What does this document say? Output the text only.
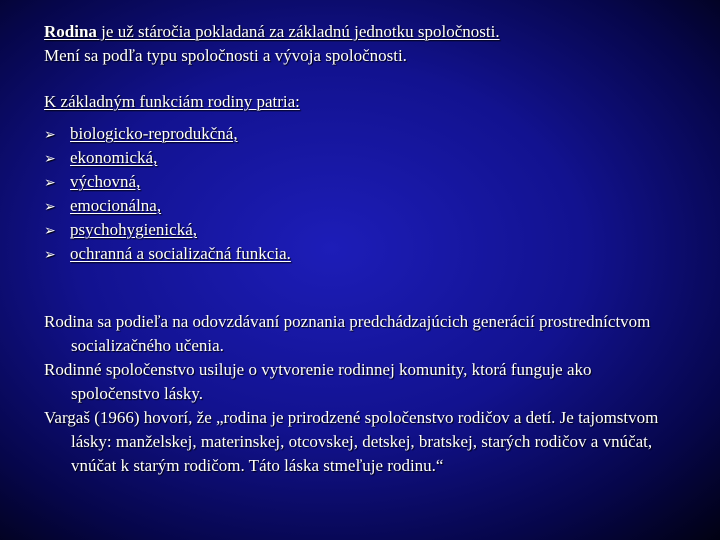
Rodina je už stáročia pokladaná za základnú jednotku spoločnosti.

Mení sa podľa typu spoločnosti a vývoja spoločnosti.

K základným funkciám rodiny patria:

➢ biologicko-reprodukčná,
➢ ekonomická,
➢ výchovná,
➢ emocionálna,
➢ psychohygienická,
➢ ochranná a socializačná funkcia.

Rodina sa podieľa na odovzdávaní poznania predchádzajúcich generácií prostredníctvom socializačného učenia.

Rodinné spoločenstvo usiluje o vytvorenie rodinnej komunity, ktorá funguje ako spoločenstvo lásky.

Vargaš (1966) hovorí, že „rodina je prirodzené spoločenstvo rodičov a detí. Je tajomstvom lásky: manželskej, materinskej, otcovskej, detskej, bratskej, starých rodičov a vnúčat, vnúčat k starým rodičom. Táto láska stmeľuje rodinu.“
